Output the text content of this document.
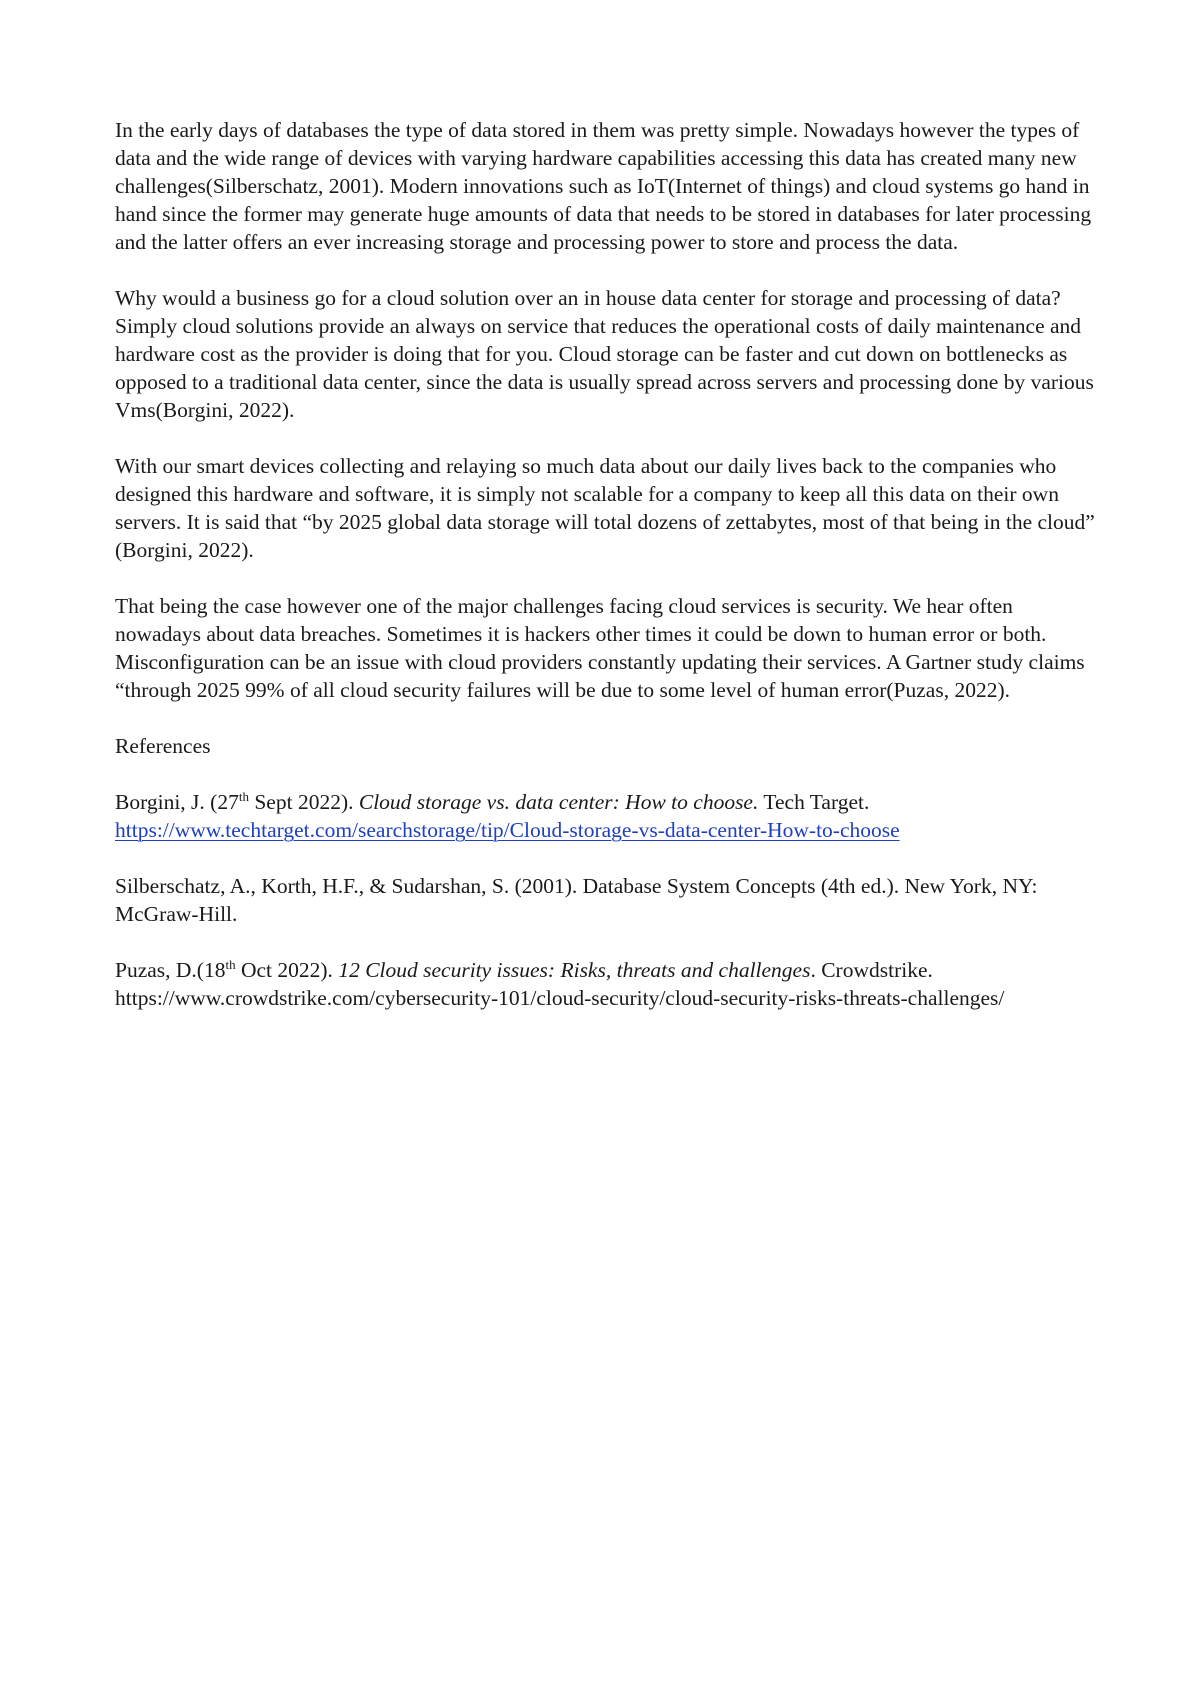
In the early days of databases the type of data stored in them was pretty simple. Nowadays however the types of data and the wide range of devices with varying hardware capabilities accessing this data has created many new challenges(Silberschatz, 2001). Modern innovations such as IoT(Internet of things) and cloud systems go hand in hand since the former may generate huge amounts of data that needs to be stored in databases for later processing and the latter offers an ever increasing storage and processing power to store and process the data.

Why would a business go for a cloud solution over an in house data center for storage and processing of data? Simply cloud solutions provide an always on service that reduces the operational costs of daily maintenance and hardware cost as the provider is doing that for you. Cloud storage can be faster and cut down on bottlenecks as opposed to a traditional data center, since the data is usually spread across servers and processing done by various Vms(Borgini, 2022).

With our smart devices collecting and relaying so much data about our daily lives back to the companies who designed this hardware and software, it is simply not scalable for a company to keep all this data on their own servers. It is said that “by 2025 global data storage will total dozens of zettabytes, most of that being in the cloud” (Borgini, 2022).

That being the case however one of the major challenges facing cloud services is security. We hear often nowadays about data breaches. Sometimes it is hackers other times it could be down to human error or both. Misconfiguration can be an issue with cloud providers constantly updating their services. A Gartner study claims “through 2025 99% of all cloud security failures will be due to some level of human error(Puzas, 2022).

References

Borgini, J. (27th Sept 2022). Cloud storage vs. data center: How to choose. Tech Target.
https://www.techtarget.com/searchstorage/tip/Cloud-storage-vs-data-center-How-to-choose

Silberschatz, A., Korth, H.F., & Sudarshan, S. (2001). Database System Concepts (4th ed.). New York, NY: McGraw-Hill.

Puzas, D.(18th Oct 2022). 12 Cloud security issues: Risks, threats and challenges. Crowdstrike.
https://www.crowdstrike.com/cybersecurity-101/cloud-security/cloud-security-risks-threats-challenges/
